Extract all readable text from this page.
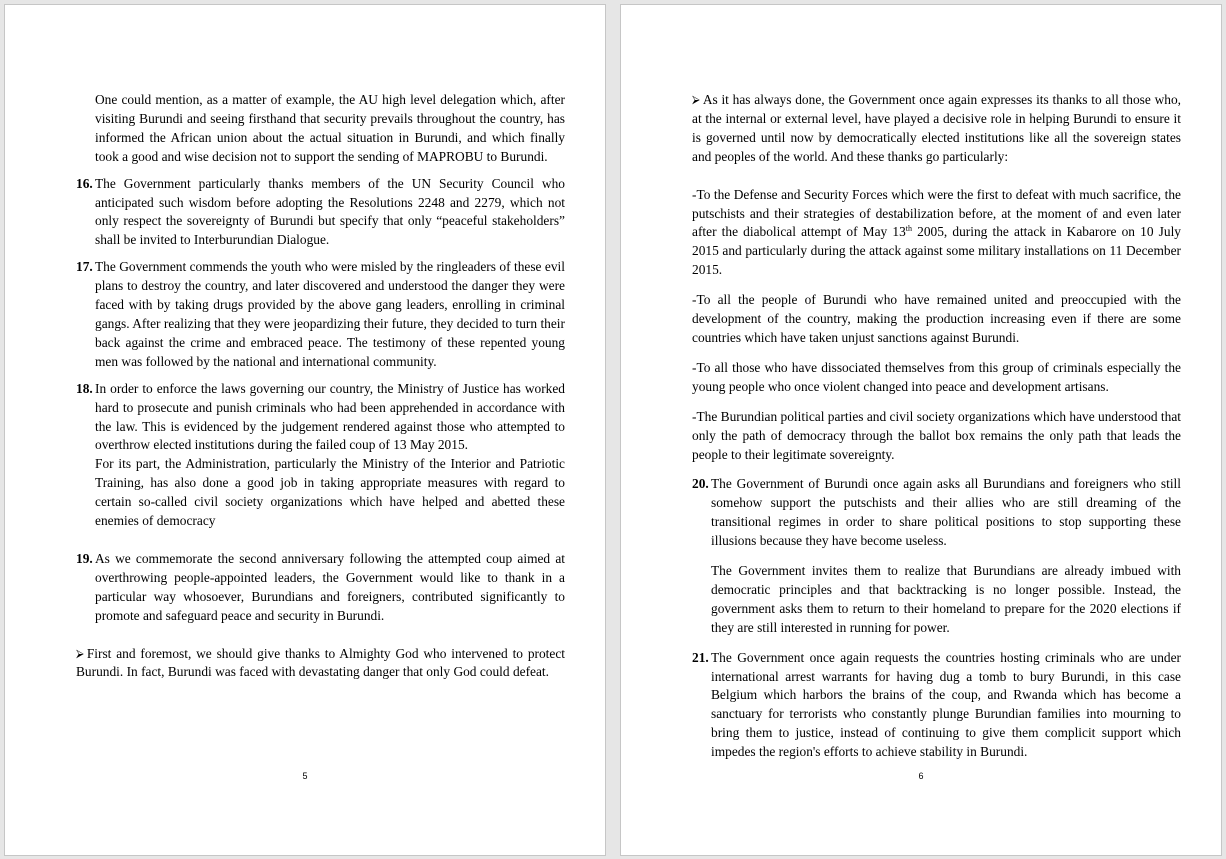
One could mention, as a matter of example, the AU high level delegation which, after visiting Burundi and seeing firsthand that security prevails throughout the country, has informed the African union about the actual situation in Burundi, and which finally took a good and wise decision not to support the sending of MAPROBU to Burundi.

16. The Government particularly thanks members of the UN Security Council who anticipated such wisdom before adopting the Resolutions 2248 and 2279, which not only respect the sovereignty of Burundi but specify that only “peaceful stakeholders” shall be invited to Interburundian Dialogue.

17. The Government commends the youth who were misled by the ringleaders of these evil plans to destroy the country, and later discovered and understood the danger they were faced with by taking drugs provided by the above gang leaders, enrolling in criminal gangs. After realizing that they were jeopardizing their future, they decided to turn their back against the crime and embraced peace. The testimony of these repented young men was followed by the national and international community.

18. In order to enforce the laws governing our country, the Ministry of Justice has worked hard to prosecute and punish criminals who had been apprehended in accordance with the law. This is evidenced by the judgement rendered against those who attempted to overthrow elected institutions during the failed coup of 13 May 2015.

For its part, the Administration, particularly the Ministry of the Interior and Patriotic Training, has also done a good job in taking appropriate measures with regard to certain so-called civil society organizations which have helped and abetted these enemies of democracy

19. As we commemorate the second anniversary following the attempted coup aimed at overthrowing people-appointed leaders, the Government would like to thank in a particular way whosoever, Burundians and foreigners, contributed significantly to promote and safeguard peace and security in Burundi.

⮚ First and foremost, we should give thanks to Almighty God who intervened to protect Burundi. In fact, Burundi was faced with devastating danger that only God could defeat.

5

⮚ As it has always done, the Government once again expresses its thanks to all those who, at the internal or external level, have played a decisive role in helping Burundi to ensure it is governed until now by democratically elected institutions like all the sovereign states and peoples of the world. And these thanks go particularly:

-To the Defense and Security Forces which were the first to defeat with much sacrifice, the putschists and their strategies of destabilization before, at the moment of and even later after the diabolical attempt of May 13th 2005, during the attack in Kabarore on 10 July 2015 and particularly during the attack against some military installations on 11 December 2015.

-To all the people of Burundi who have remained united and preoccupied with the development of the country, making the production increasing even if there are some countries which have taken unjust sanctions against Burundi.

-To all those who have dissociated themselves from this group of criminals especially the young people who once violent changed into peace and development artisans.

-The Burundian political parties and civil society organizations which have understood that only the path of democracy through the ballot box remains the only path that leads the people to their legitimate sovereignty.

20. The Government of Burundi once again asks all Burundians and foreigners who still somehow support the putschists and their allies who are still dreaming of the transitional regimes in order to share political positions to stop supporting these illusions because they have become useless.

The Government invites them to realize that Burundians are already imbued with democratic principles and that backtracking is no longer possible. Instead, the government asks them to return to their homeland to prepare for the 2020 elections if they are still interested in running for power.

21. The Government once again requests the countries hosting criminals who are under international arrest warrants for having dug a tomb to bury Burundi, in this case Belgium which harbors the brains of the coup, and Rwanda which has become a sanctuary for terrorists who constantly plunge Burundian families into mourning to bring them to justice, instead of continuing to give them complicit support which impedes the region's efforts to achieve stability in Burundi.

6
